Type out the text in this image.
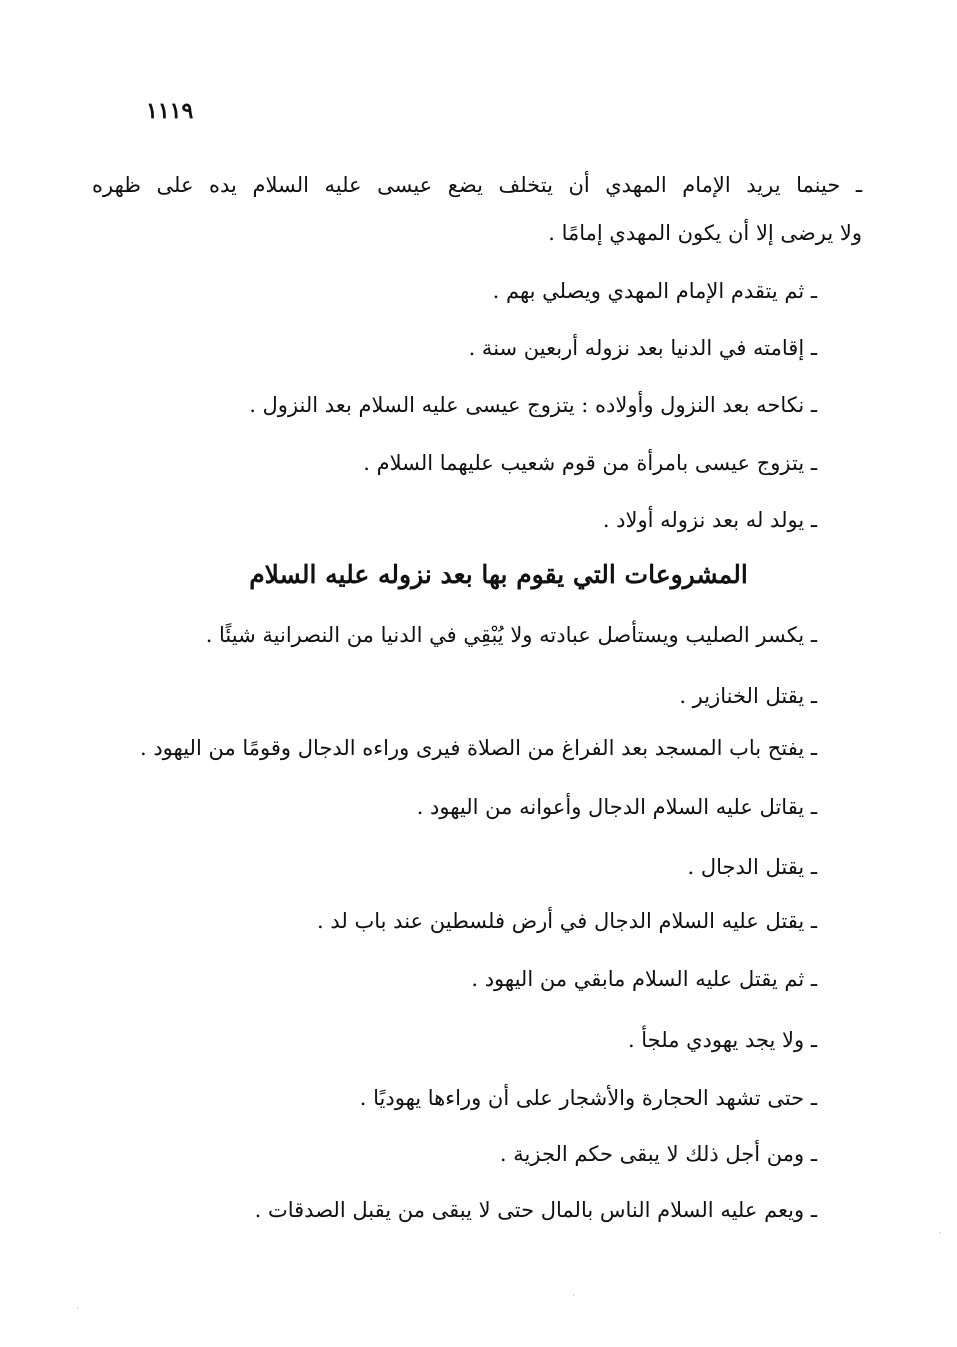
١١١٩
ـ حينما يريد الإمام المهدي أن يتخلف يضع عيسى عليه السلام يده على ظهره
ولا يرضى إلا أن يكون المهدي إمامًا .
ـ ثم يتقدم الإمام المهدي ويصلي بهم .
ـ إقامته في الدنيا بعد نزوله أربعين سنة .
ـ نكاحه بعد النزول وأولاده : يتزوج عيسى عليه السلام بعد النزول .
ـ يتزوج عيسى بامرأة من قوم شعيب عليهما السلام .
ـ يولد له بعد نزوله أولاد .
المشروعات التي يقوم بها بعد نزوله عليه السلام
ـ يكسر الصليب ويستأصل عبادته ولا يُبْقِي في الدنيا من النصرانية شيئًا .
ـ يقتل الخنازير .
ـ يفتح باب المسجد بعد الفراغ من الصلاة فيرى وراءه الدجال وقومًا من اليهود .
ـ يقاتل عليه السلام الدجال وأعوانه من اليهود .
ـ يقتل الدجال .
ـ يقتل عليه السلام الدجال في أرض فلسطين عند باب لد .
ـ ثم يقتل عليه السلام مابقي من اليهود .
ـ ولا يجد يهودي ملجأ .
ـ حتى تشهد الحجارة والأشجار على أن وراءها يهوديًا .
ـ ومن أجل ذلك لا يبقى حكم الجزية .
ـ ويعم عليه السلام الناس بالمال حتى لا يبقى من يقبل الصدقات .
